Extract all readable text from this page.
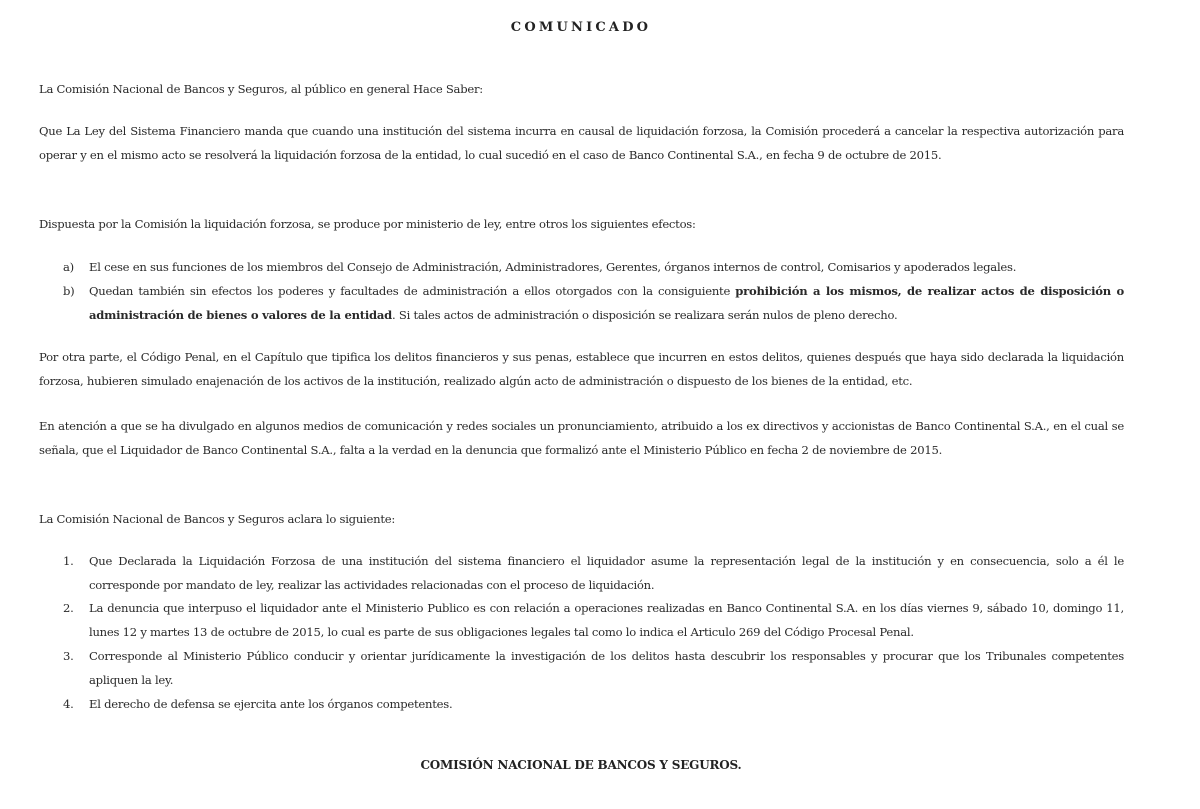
COMUNICADO
La Comisión Nacional de Bancos y Seguros, al público en general Hace Saber:
Que La Ley del Sistema Financiero manda que cuando una institución del sistema incurra en causal de liquidación forzosa, la Comisión procederá a cancelar la respectiva autorización para operar y en el mismo acto se resolverá la liquidación forzosa de la entidad, lo cual sucedió en el caso de Banco Continental S.A., en fecha 9 de octubre de 2015.
Dispuesta por la Comisión la liquidación forzosa, se produce por ministerio de ley, entre otros los siguientes efectos:
a) El cese en sus funciones de los miembros del Consejo de Administración, Administradores, Gerentes, órganos internos de control, Comisarios y apoderados legales.
b) Quedan también sin efectos los poderes y facultades de administración a ellos otorgados con la consiguiente prohibición a los mismos, de realizar actos de disposición o administración de bienes o valores de la entidad. Si tales actos de administración o disposición se realizara serán nulos de pleno derecho.
Por otra parte, el Código Penal, en el Capítulo que tipifica los delitos financieros y sus penas, establece que incurren en estos delitos, quienes después que haya sido declarada la liquidación forzosa, hubieren simulado enajenación de los activos de la institución, realizado algún acto de administración o dispuesto de los bienes de la entidad, etc.
En atención a que se ha divulgado en algunos medios de comunicación y redes sociales un pronunciamiento, atribuido a los ex directivos y accionistas de Banco Continental S.A., en el cual se señala, que el Liquidador de Banco Continental S.A., falta a la verdad en la denuncia que formalizó ante el Ministerio Público en fecha 2 de noviembre de 2015.
La Comisión Nacional de Bancos y Seguros aclara lo siguiente:
1. Que Declarada la Liquidación Forzosa de una institución del sistema financiero el liquidador asume la representación legal de la institución y en consecuencia, solo a él le corresponde por mandato de ley, realizar las actividades relacionadas con el proceso de liquidación.
2. La denuncia que interpuso el liquidador ante el Ministerio Publico es con relación a operaciones realizadas en Banco Continental S.A. en los días viernes 9, sábado 10, domingo 11, lunes 12 y martes 13 de octubre de 2015, lo cual es parte de sus obligaciones legales tal como lo indica el Articulo 269 del Código Procesal Penal.
3. Corresponde al Ministerio Público conducir y orientar jurídicamente la investigación de los delitos hasta descubrir los responsables y procurar que los Tribunales competentes apliquen la ley.
4. El derecho de defensa se ejercita ante los órganos competentes.
COMISIÓN NACIONAL DE BANCOS Y SEGUROS.
